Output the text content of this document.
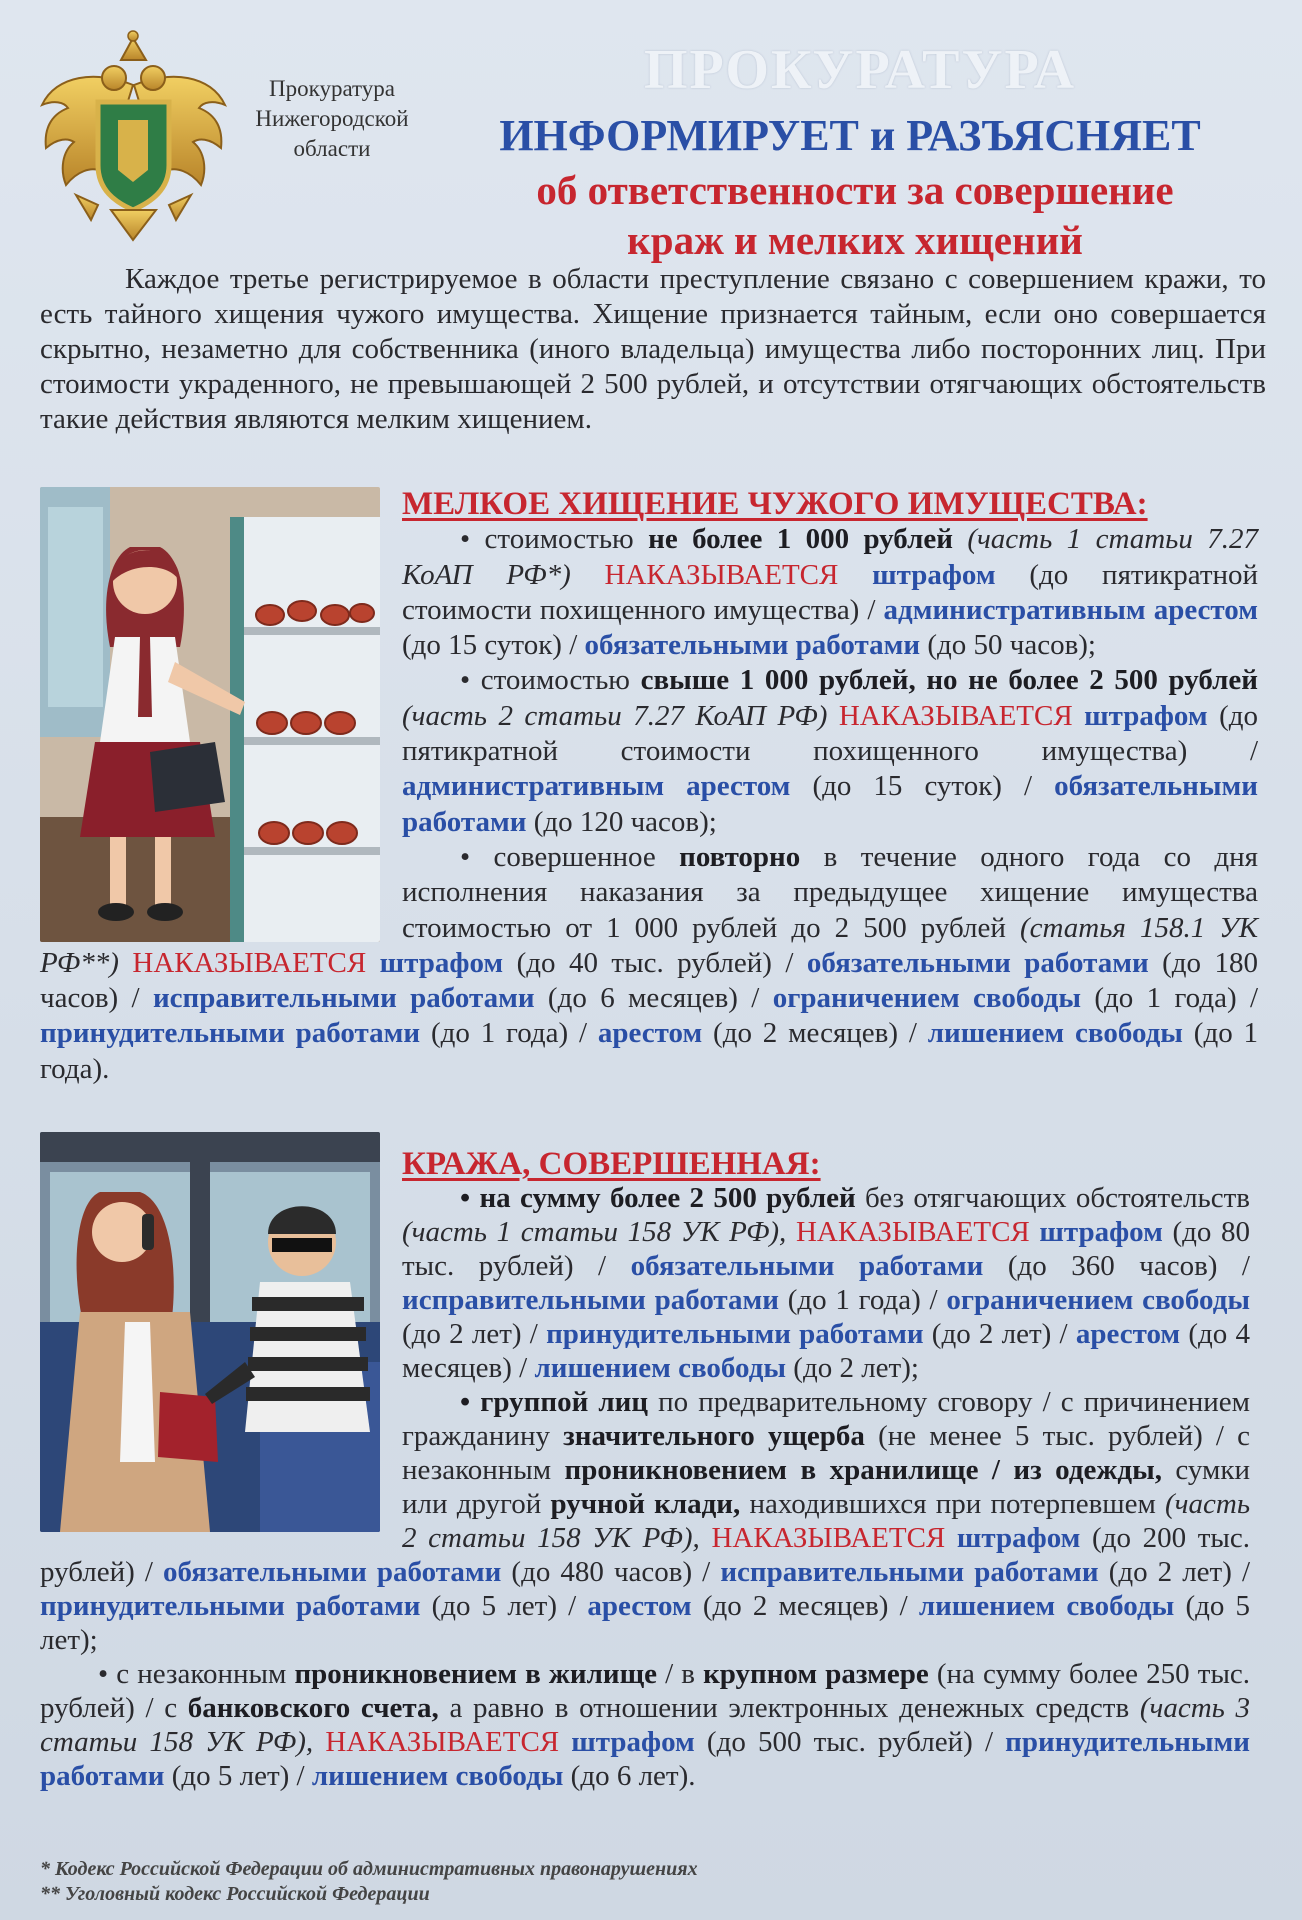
Прокуратура
Нижегородской
области
ПРОКУРАТУРА
ИНФОРМИРУЕТ и РАЗЪЯСНЯЕТ
об ответственности за совершение
краж и мелких хищений

Каждое третье регистрируемое в области преступление связано с совершением кражи, то есть тайного хищения чужого имущества. Хищение признается тайным, если оно совершается скрытно, незаметно для собственника (иного владельца) имущества либо посторонних лиц. При стоимости украденного, не превышающей 2 500 рублей, и отсутствии отягчающих обстоятельств такие действия являются мелким хищением.

МЕЛКОЕ ХИЩЕНИЕ ЧУЖОГО ИМУЩЕСТВА:

• стоимостью не более 1 000 рублей (часть 1 статьи 7.27 КоАП РФ*) НАКАЗЫВАЕТСЯ штрафом (до пятикратной стоимости похищенного имущества) / административным арестом (до 15 суток) / обязательными работами (до 50 часов);

• стоимостью свыше 1 000 рублей, но не более 2 500 рублей (часть 2 статьи 7.27 КоАП РФ) НАКАЗЫВАЕТСЯ штрафом (до пятикратной стоимости похищенного имущества) / административным арестом (до 15 суток) / обязательными работами (до 120 часов);

• совершенное повторно в течение одного года со дня исполнения наказания за предыдущее хищение имущества стоимостью от 1 000 рублей до 2 500 рублей (статья 158.1 УК РФ**) НАКАЗЫВАЕТСЯ штрафом (до 40 тыс. рублей) / обязательными работами (до 180 часов) / исправительными работами (до 6 месяцев) / ограничением свободы (до 1 года) / принудительными работами (до 1 года) / арестом (до 2 месяцев) / лишением свободы (до 1 года).

КРАЖА, СОВЕРШЕННАЯ:

• на сумму более 2 500 рублей без отягчающих обстоятельств (часть 1 статьи 158 УК РФ), НАКАЗЫВАЕТСЯ штрафом (до 80 тыс. рублей) / обязательными работами (до 360 часов) / исправительными работами (до 1 года) / ограничением свободы (до 2 лет) / принудительными работами (до 2 лет) / арестом (до 4 месяцев) / лишением свободы (до 2 лет);

• группой лиц по предварительному сговору / с причинением гражданину значительного ущерба (не менее 5 тыс. рублей) / с незаконным проникновением в хранилище / из одежды, сумки или другой ручной клади, находившихся при потерпевшем (часть 2 статьи 158 УК РФ), НАКАЗЫВАЕТСЯ штрафом (до 200 тыс. рублей) / обязательными работами (до 480 часов) / исправительными работами (до 2 лет) / принудительными работами (до 5 лет) / арестом (до 2 месяцев) / лишением свободы (до 5 лет);

• с незаконным проникновением в жилище / в крупном размере (на сумму более 250 тыс. рублей) / с банковского счета, а равно в отношении электронных денежных средств (часть 3 статьи 158 УК РФ), НАКАЗЫВАЕТСЯ штрафом (до 500 тыс. рублей) / принудительными работами (до 5 лет) / лишением свободы (до 6 лет).

* Кодекс Российской Федерации об административных правонарушениях
** Уголовный кодекс Российской Федерации
